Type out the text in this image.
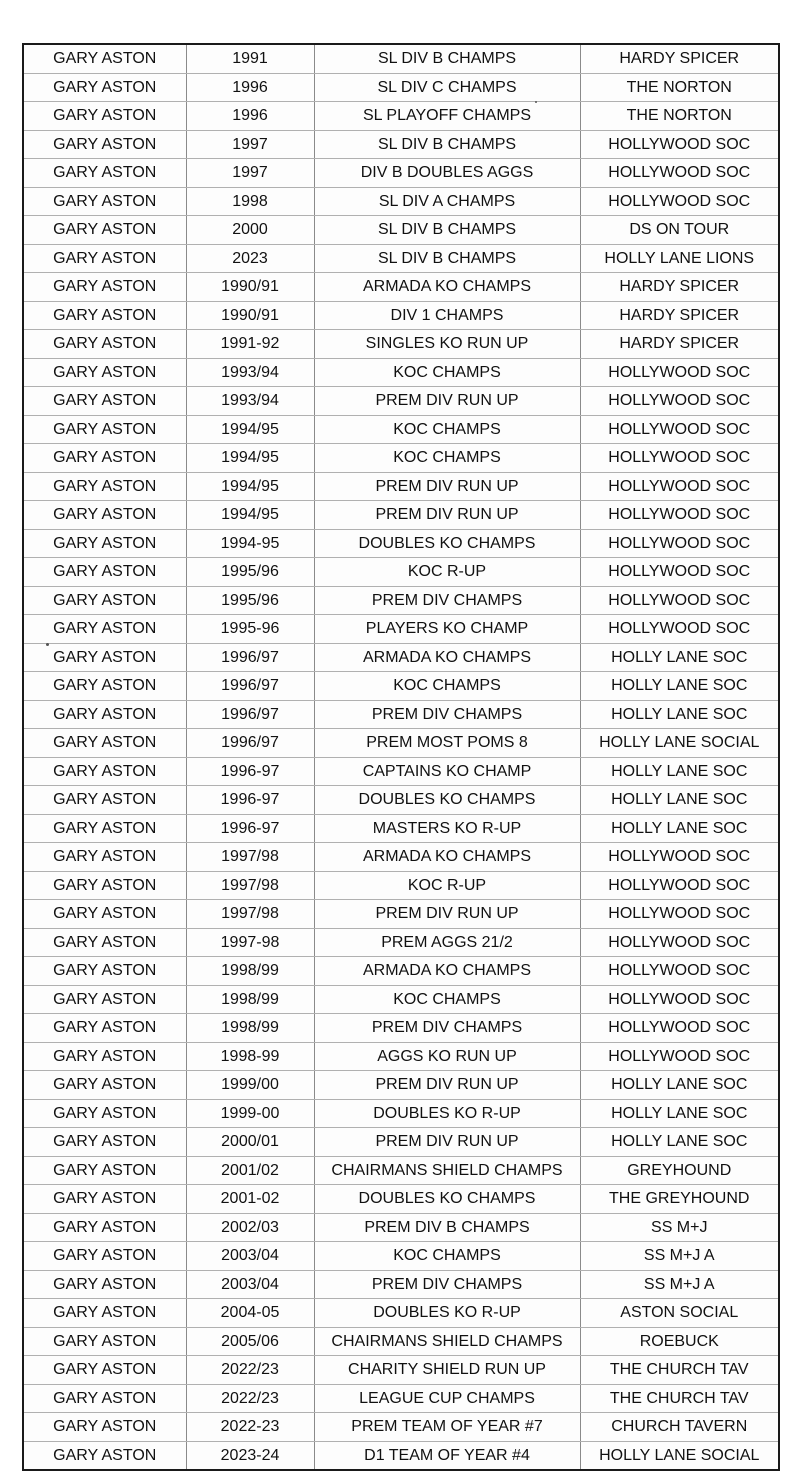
GARY ASTON	1991	SL DIV B CHAMPS	HARDY SPICER
GARY ASTON	1996	SL DIV C CHAMPS	THE NORTON
GARY ASTON	1996	SL PLAYOFF CHAMPS	THE NORTON
GARY ASTON	1997	SL DIV B CHAMPS	HOLLYWOOD SOC
GARY ASTON	1997	DIV B DOUBLES AGGS	HOLLYWOOD SOC
GARY ASTON	1998	SL DIV A CHAMPS	HOLLYWOOD SOC
GARY ASTON	2000	SL DIV B CHAMPS	DS ON TOUR
GARY ASTON	2023	SL DIV B CHAMPS	HOLLY LANE LIONS
GARY ASTON	1990/91	ARMADA KO CHAMPS	HARDY SPICER
GARY ASTON	1990/91	DIV 1 CHAMPS	HARDY SPICER
GARY ASTON	1991-92	SINGLES KO RUN UP	HARDY SPICER
GARY ASTON	1993/94	KOC CHAMPS	HOLLYWOOD SOC
GARY ASTON	1993/94	PREM DIV RUN UP	HOLLYWOOD SOC
GARY ASTON	1994/95	KOC CHAMPS	HOLLYWOOD SOC
GARY ASTON	1994/95	KOC CHAMPS	HOLLYWOOD SOC
GARY ASTON	1994/95	PREM DIV RUN UP	HOLLYWOOD SOC
GARY ASTON	1994/95	PREM DIV RUN UP	HOLLYWOOD SOC
GARY ASTON	1994-95	DOUBLES KO CHAMPS	HOLLYWOOD SOC
GARY ASTON	1995/96	KOC R-UP	HOLLYWOOD SOC
GARY ASTON	1995/96	PREM DIV CHAMPS	HOLLYWOOD SOC
GARY ASTON	1995-96	PLAYERS KO CHAMP	HOLLYWOOD SOC
GARY ASTON	1996/97	ARMADA KO CHAMPS	HOLLY LANE SOC
GARY ASTON	1996/97	KOC CHAMPS	HOLLY LANE SOC
GARY ASTON	1996/97	PREM DIV CHAMPS	HOLLY LANE SOC
GARY ASTON	1996/97	PREM MOST POMS 8	HOLLY LANE SOCIAL
GARY ASTON	1996-97	CAPTAINS KO CHAMP	HOLLY LANE SOC
GARY ASTON	1996-97	DOUBLES KO CHAMPS	HOLLY LANE SOC
GARY ASTON	1996-97	MASTERS KO R-UP	HOLLY LANE SOC
GARY ASTON	1997/98	ARMADA KO CHAMPS	HOLLYWOOD SOC
GARY ASTON	1997/98	KOC R-UP	HOLLYWOOD SOC
GARY ASTON	1997/98	PREM DIV RUN UP	HOLLYWOOD SOC
GARY ASTON	1997-98	PREM AGGS 21/2	HOLLYWOOD SOC
GARY ASTON	1998/99	ARMADA KO CHAMPS	HOLLYWOOD SOC
GARY ASTON	1998/99	KOC CHAMPS	HOLLYWOOD SOC
GARY ASTON	1998/99	PREM DIV CHAMPS	HOLLYWOOD SOC
GARY ASTON	1998-99	AGGS KO RUN UP	HOLLYWOOD SOC
GARY ASTON	1999/00	PREM DIV RUN UP	HOLLY LANE SOC
GARY ASTON	1999-00	DOUBLES KO R-UP	HOLLY LANE SOC
GARY ASTON	2000/01	PREM DIV RUN UP	HOLLY LANE SOC
GARY ASTON	2001/02	CHAIRMANS SHIELD CHAMPS	GREYHOUND
GARY ASTON	2001-02	DOUBLES KO CHAMPS	THE GREYHOUND
GARY ASTON	2002/03	PREM DIV B CHAMPS	SS M+J
GARY ASTON	2003/04	KOC CHAMPS	SS M+J A
GARY ASTON	2003/04	PREM DIV CHAMPS	SS M+J A
GARY ASTON	2004-05	DOUBLES KO R-UP	ASTON SOCIAL
GARY ASTON	2005/06	CHAIRMANS SHIELD CHAMPS	ROEBUCK
GARY ASTON	2022/23	CHARITY SHIELD RUN UP	THE CHURCH TAV
GARY ASTON	2022/23	LEAGUE CUP CHAMPS	THE CHURCH TAV
GARY ASTON	2022-23	PREM TEAM OF YEAR #7	CHURCH TAVERN
GARY ASTON	2023-24	D1 TEAM OF YEAR #4	HOLLY LANE SOCIAL
